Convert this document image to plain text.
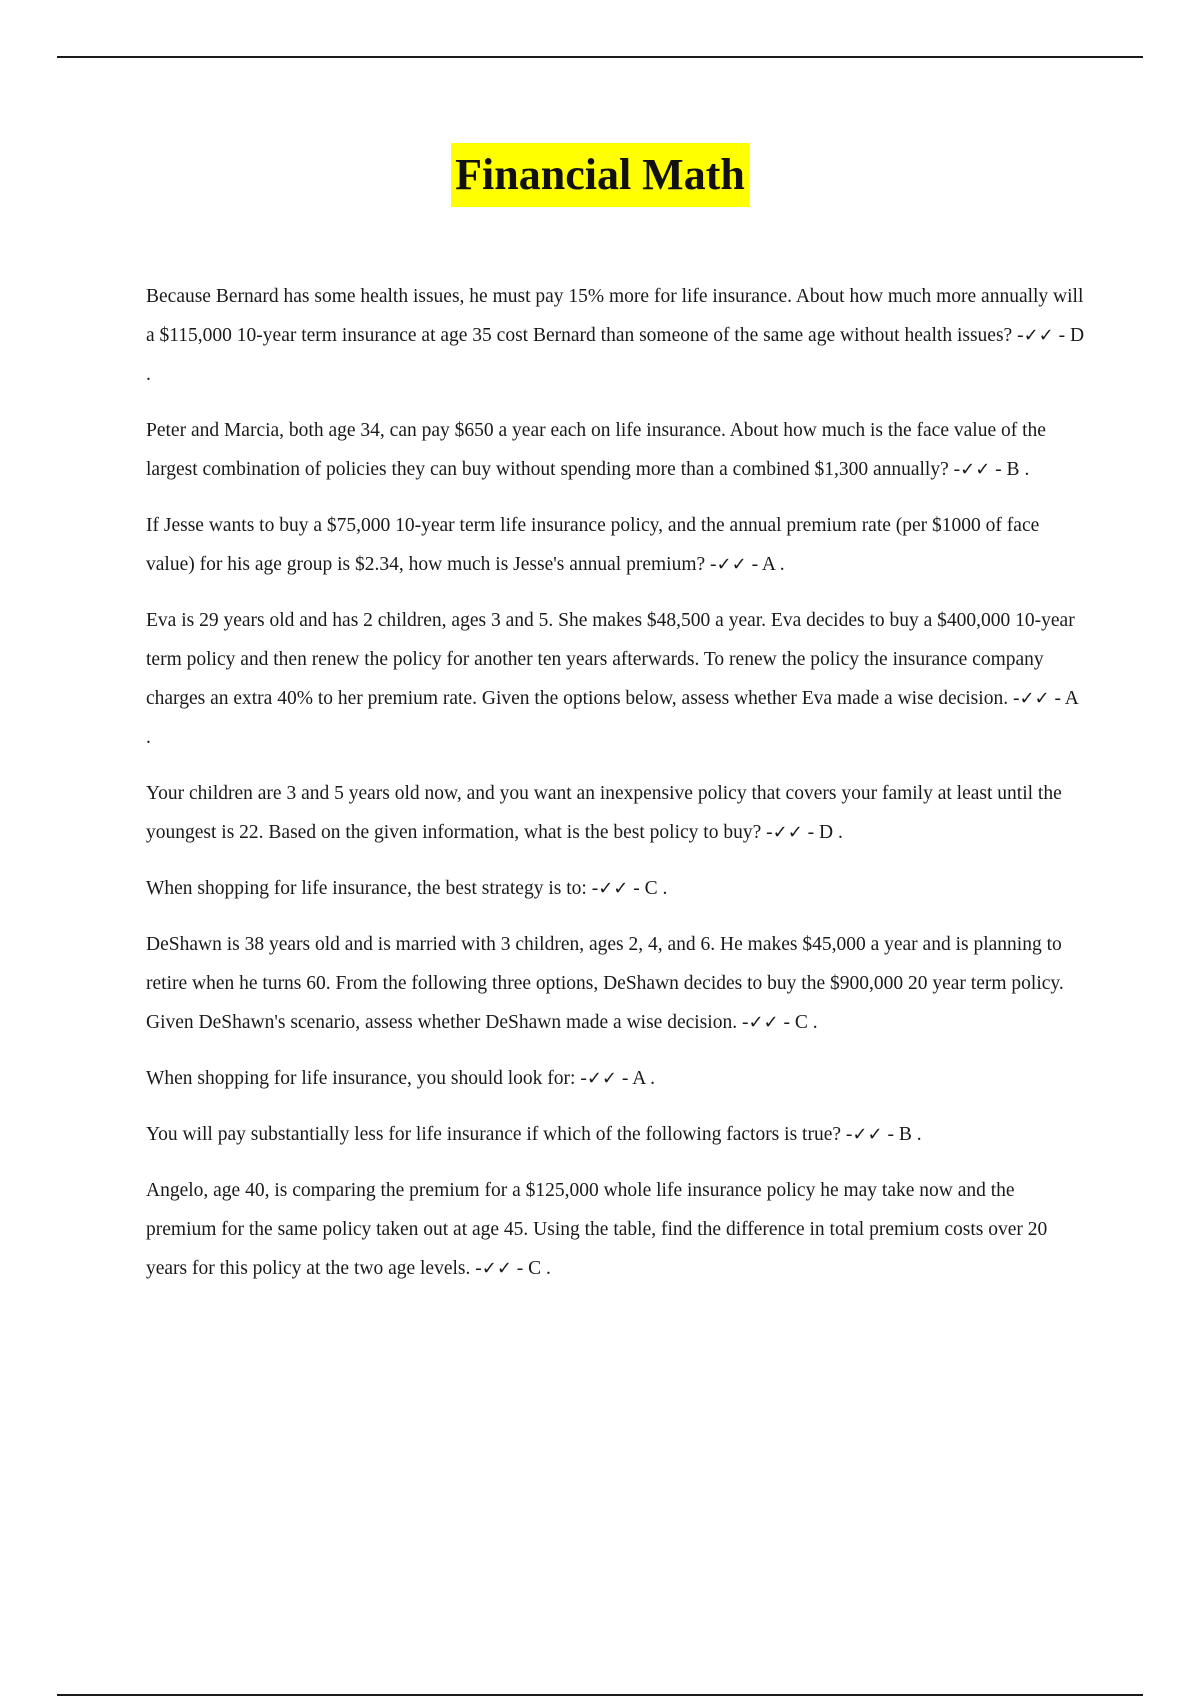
Financial Math

Because Bernard has some health issues, he must pay 15% more for life insurance. About how much more annually will a $115,000 10-year term insurance at age 35 cost Bernard than someone of the same age without health issues? -✓✓ - D .

Peter and Marcia, both age 34, can pay $650 a year each on life insurance. About how much is the face value of the largest combination of policies they can buy without spending more than a combined $1,300 annually? -✓✓ - B .

If Jesse wants to buy a $75,000 10-year term life insurance policy, and the annual premium rate (per $1000 of face value) for his age group is $2.34, how much is Jesse's annual premium? -✓✓ - A .

Eva is 29 years old and has 2 children, ages 3 and 5. She makes $48,500 a year. Eva decides to buy a $400,000 10-year term policy and then renew the policy for another ten years afterwards. To renew the policy the insurance company charges an extra 40% to her premium rate. Given the options below, assess whether Eva made a wise decision. -✓✓ - A .

Your children are 3 and 5 years old now, and you want an inexpensive policy that covers your family at least until the youngest is 22. Based on the given information, what is the best policy to buy? -✓✓ - D .

When shopping for life insurance, the best strategy is to: -✓✓ - C .

DeShawn is 38 years old and is married with 3 children, ages 2, 4, and 6. He makes $45,000 a year and is planning to retire when he turns 60. From the following three options, DeShawn decides to buy the $900,000 20 year term policy. Given DeShawn's scenario, assess whether DeShawn made a wise decision. -✓✓ - C .

When shopping for life insurance, you should look for: -✓✓ - A .

You will pay substantially less for life insurance if which of the following factors is true? -✓✓ - B .

Angelo, age 40, is comparing the premium for a $125,000 whole life insurance policy he may take now and the premium for the same policy taken out at age 45. Using the table, find the difference in total premium costs over 20 years for this policy at the two age levels. -✓✓ - C .
